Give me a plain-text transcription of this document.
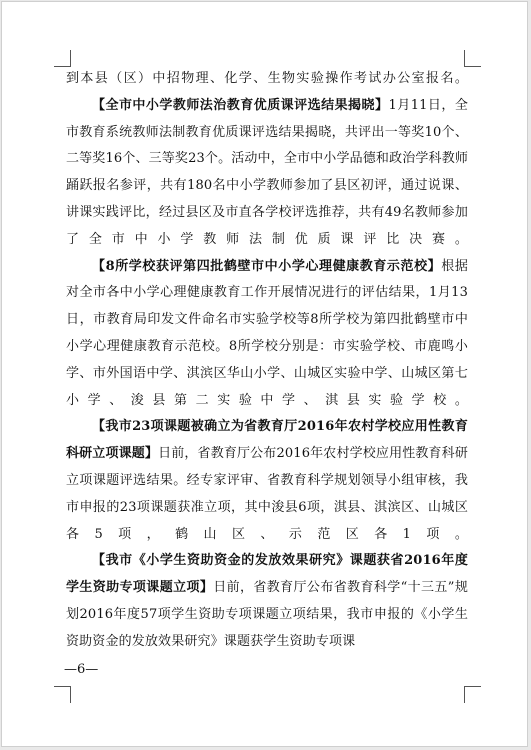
到本县（区）中招物理、化学、生物实验操作考试办公室报名。

【全市中小学教师法治教育优质课评选结果揭晓】1月11日，全市教育系统教师法制教育优质课评选结果揭晓，共评出一等奖10个、二等奖16个、三等奖23个。活动中，全市中小学品德和政治学科教师踊跃报名参评，共有180名中小学教师参加了县区初评，通过说课、讲课实践评比，经过县区及市直各学校评选推荐，共有49名教师参加了全市中小学教师法制优质课评比决赛。

【8所学校获评第四批鹤壁市中小学心理健康教育示范校】根据对全市各中小学心理健康教育工作开展情况进行的评估结果，1月13日，市教育局印发文件命名市实验学校等8所学校为第四批鹤壁市中小学心理健康教育示范校。8所学校分别是：市实验学校、市鹿鸣小学、市外国语中学、淇滨区华山小学、山城区实验中学、山城区第七小学、浚县第二实验中学、淇县实验学校。

【我市23项课题被确立为省教育厅2016年农村学校应用性教育科研立项课题】日前，省教育厅公布2016年农村学校应用性教育科研立项课题评选结果。经专家评审、省教育科学规划领导小组审核，我市申报的23项课题获准立项，其中浚县6项，淇县、淇滨区、山城区各5项，鹤山区、示范区各1项。

【我市《小学生资助资金的发放效果研究》课题获省2016年度学生资助专项课题立项】日前，省教育厅公布省教育科学“十三五”规划2016年度57项学生资助专项课题立项结果，我市申报的《小学生资助资金的发放效果研究》课题获学生资助专项课

—6—
